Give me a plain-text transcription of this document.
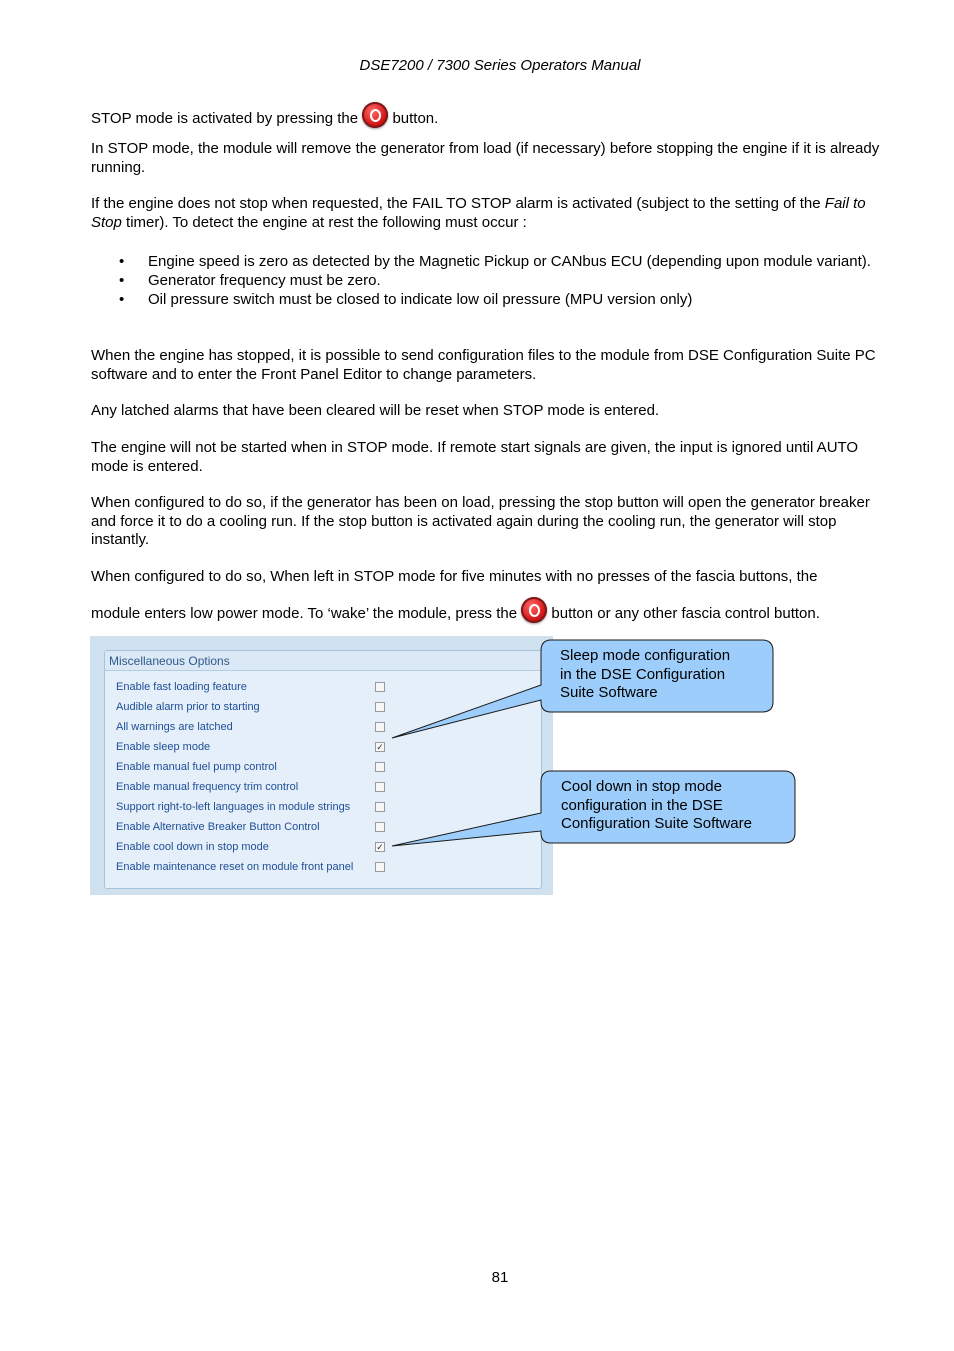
DSE7200 / 7300 Series Operators Manual
STOP mode is activated by pressing the button.
In STOP mode, the module will remove the generator from load (if necessary) before stopping the engine if it is already running.
If the engine does not stop when requested, the FAIL TO STOP alarm is activated (subject to the setting of the Fail to Stop timer). To detect the engine at rest the following must occur :
• Engine speed is zero as detected by the Magnetic Pickup or CANbus ECU (depending upon module variant).
• Generator frequency must be zero.
• Oil pressure switch must be closed to indicate low oil pressure (MPU version only)
When the engine has stopped, it is possible to send configuration files to the module from DSE Configuration Suite PC software and to enter the Front Panel Editor to change parameters.
Any latched alarms that have been cleared will be reset when STOP mode is entered.
The engine will not be started when in STOP mode. If remote start signals are given, the input is ignored until AUTO mode is entered.
When configured to do so, if the generator has been on load, pressing the stop button will open the generator breaker and force it to do a cooling run. If the stop button is activated again during the cooling run, the generator will stop instantly.
When configured to do so, When left in STOP mode for five minutes with no presses of the fascia buttons, the
module enters low power mode. To ‘wake’ the module, press the button or any other fascia control button.
Miscellaneous Options
Enable fast loading feature
Audible alarm prior to starting
All warnings are latched
Enable sleep mode	✓
Enable manual fuel pump control
Enable manual frequency trim control
Support right-to-left languages in module strings
Enable Alternative Breaker Button Control
Enable cool down in stop mode	✓
Enable maintenance reset on module front panel
Sleep mode configuration
in the DSE Configuration
Suite Software
Cool down in stop mode
configuration in the DSE
Configuration Suite Software
81
